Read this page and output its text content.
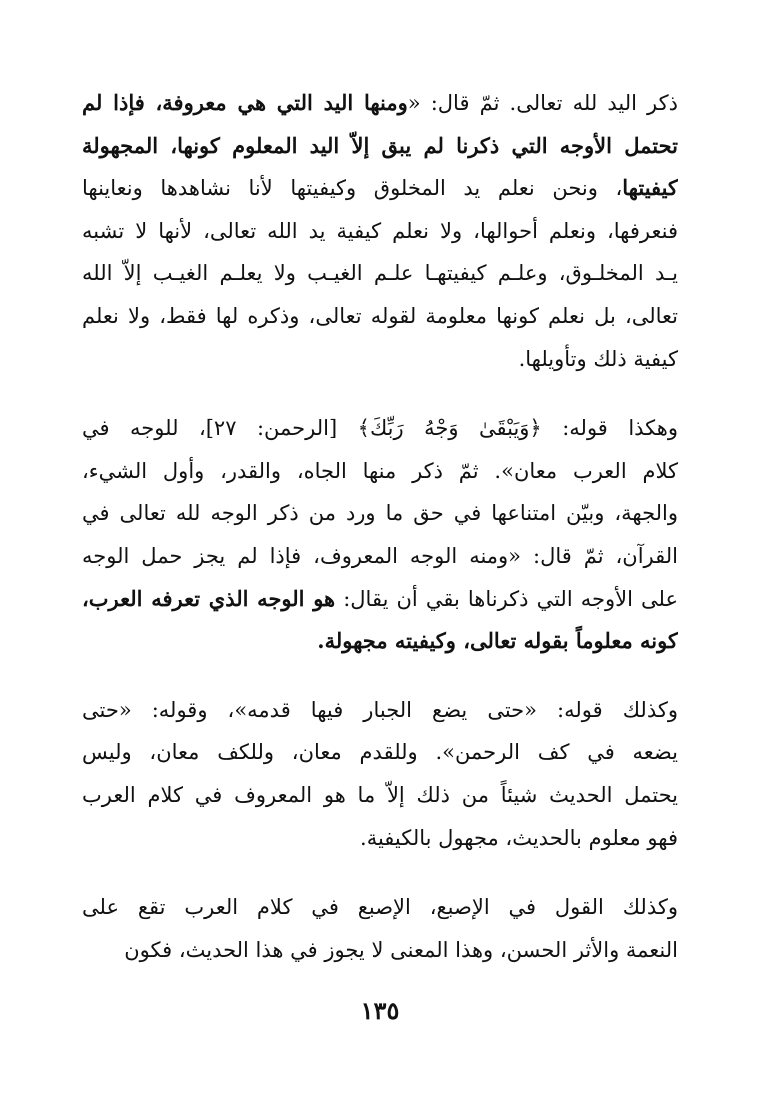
ذكر اليد لله تعالى. ثمّ قال: «ومنها اليد التي هي معروفة، فإذا لم
تحتمل الأوجه التي ذكرنا لم يبق إلاّ اليد المعلوم كونها، المجهولة
كيفيتها، ونحن نعلم يد المخلوق وكيفيتها لأنا نشاهدها ونعاينها
فنعرفها، ونعلم أحوالها، ولا نعلم كيفية يد الله تعالى، لأنها لا تشبه
يـد المخلـوق، وعلـم كيفيتهـا علـم الغيـب ولا يعلـم الغيـب إلاّ الله
تعالى، بل نعلم كونها معلومة لقوله تعالى، وذكره لها فقط، ولا نعلم
كيفية ذلك وتأويلها.

وهكذا قوله: ﴿وَيَبْقَىٰ وَجْهُ رَبِّكَ﴾ [الرحمن: ٢٧]، للوجه في
كلام العرب معان». ثمّ ذكر منها الجاه، والقدر، وأول الشيء،
والجهة، وبيّن امتناعها في حق ما ورد من ذكر الوجه لله تعالى في
القرآن، ثمّ قال: «ومنه الوجه المعروف، فإذا لم يجز حمل الوجه
على الأوجه التي ذكرناها بقي أن يقال: هو الوجه الذي تعرفه العرب،
كونه معلوماً بقوله تعالى، وكيفيته مجهولة.

وكذلك قوله: «حتى يضع الجبار فيها قدمه»، وقوله: «حتى
يضعه في كف الرحمن». وللقدم معان، وللكف معان، وليس
يحتمل الحديث شيئاً من ذلك إلاّ ما هو المعروف في كلام العرب
فهو معلوم بالحديث، مجهول بالكيفية.

وكذلك القول في الإصبع، الإصبع في كلام العرب تقع على
النعمة والأثر الحسن، وهذا المعنى لا يجوز في هذا الحديث، فكون

١٣٥
